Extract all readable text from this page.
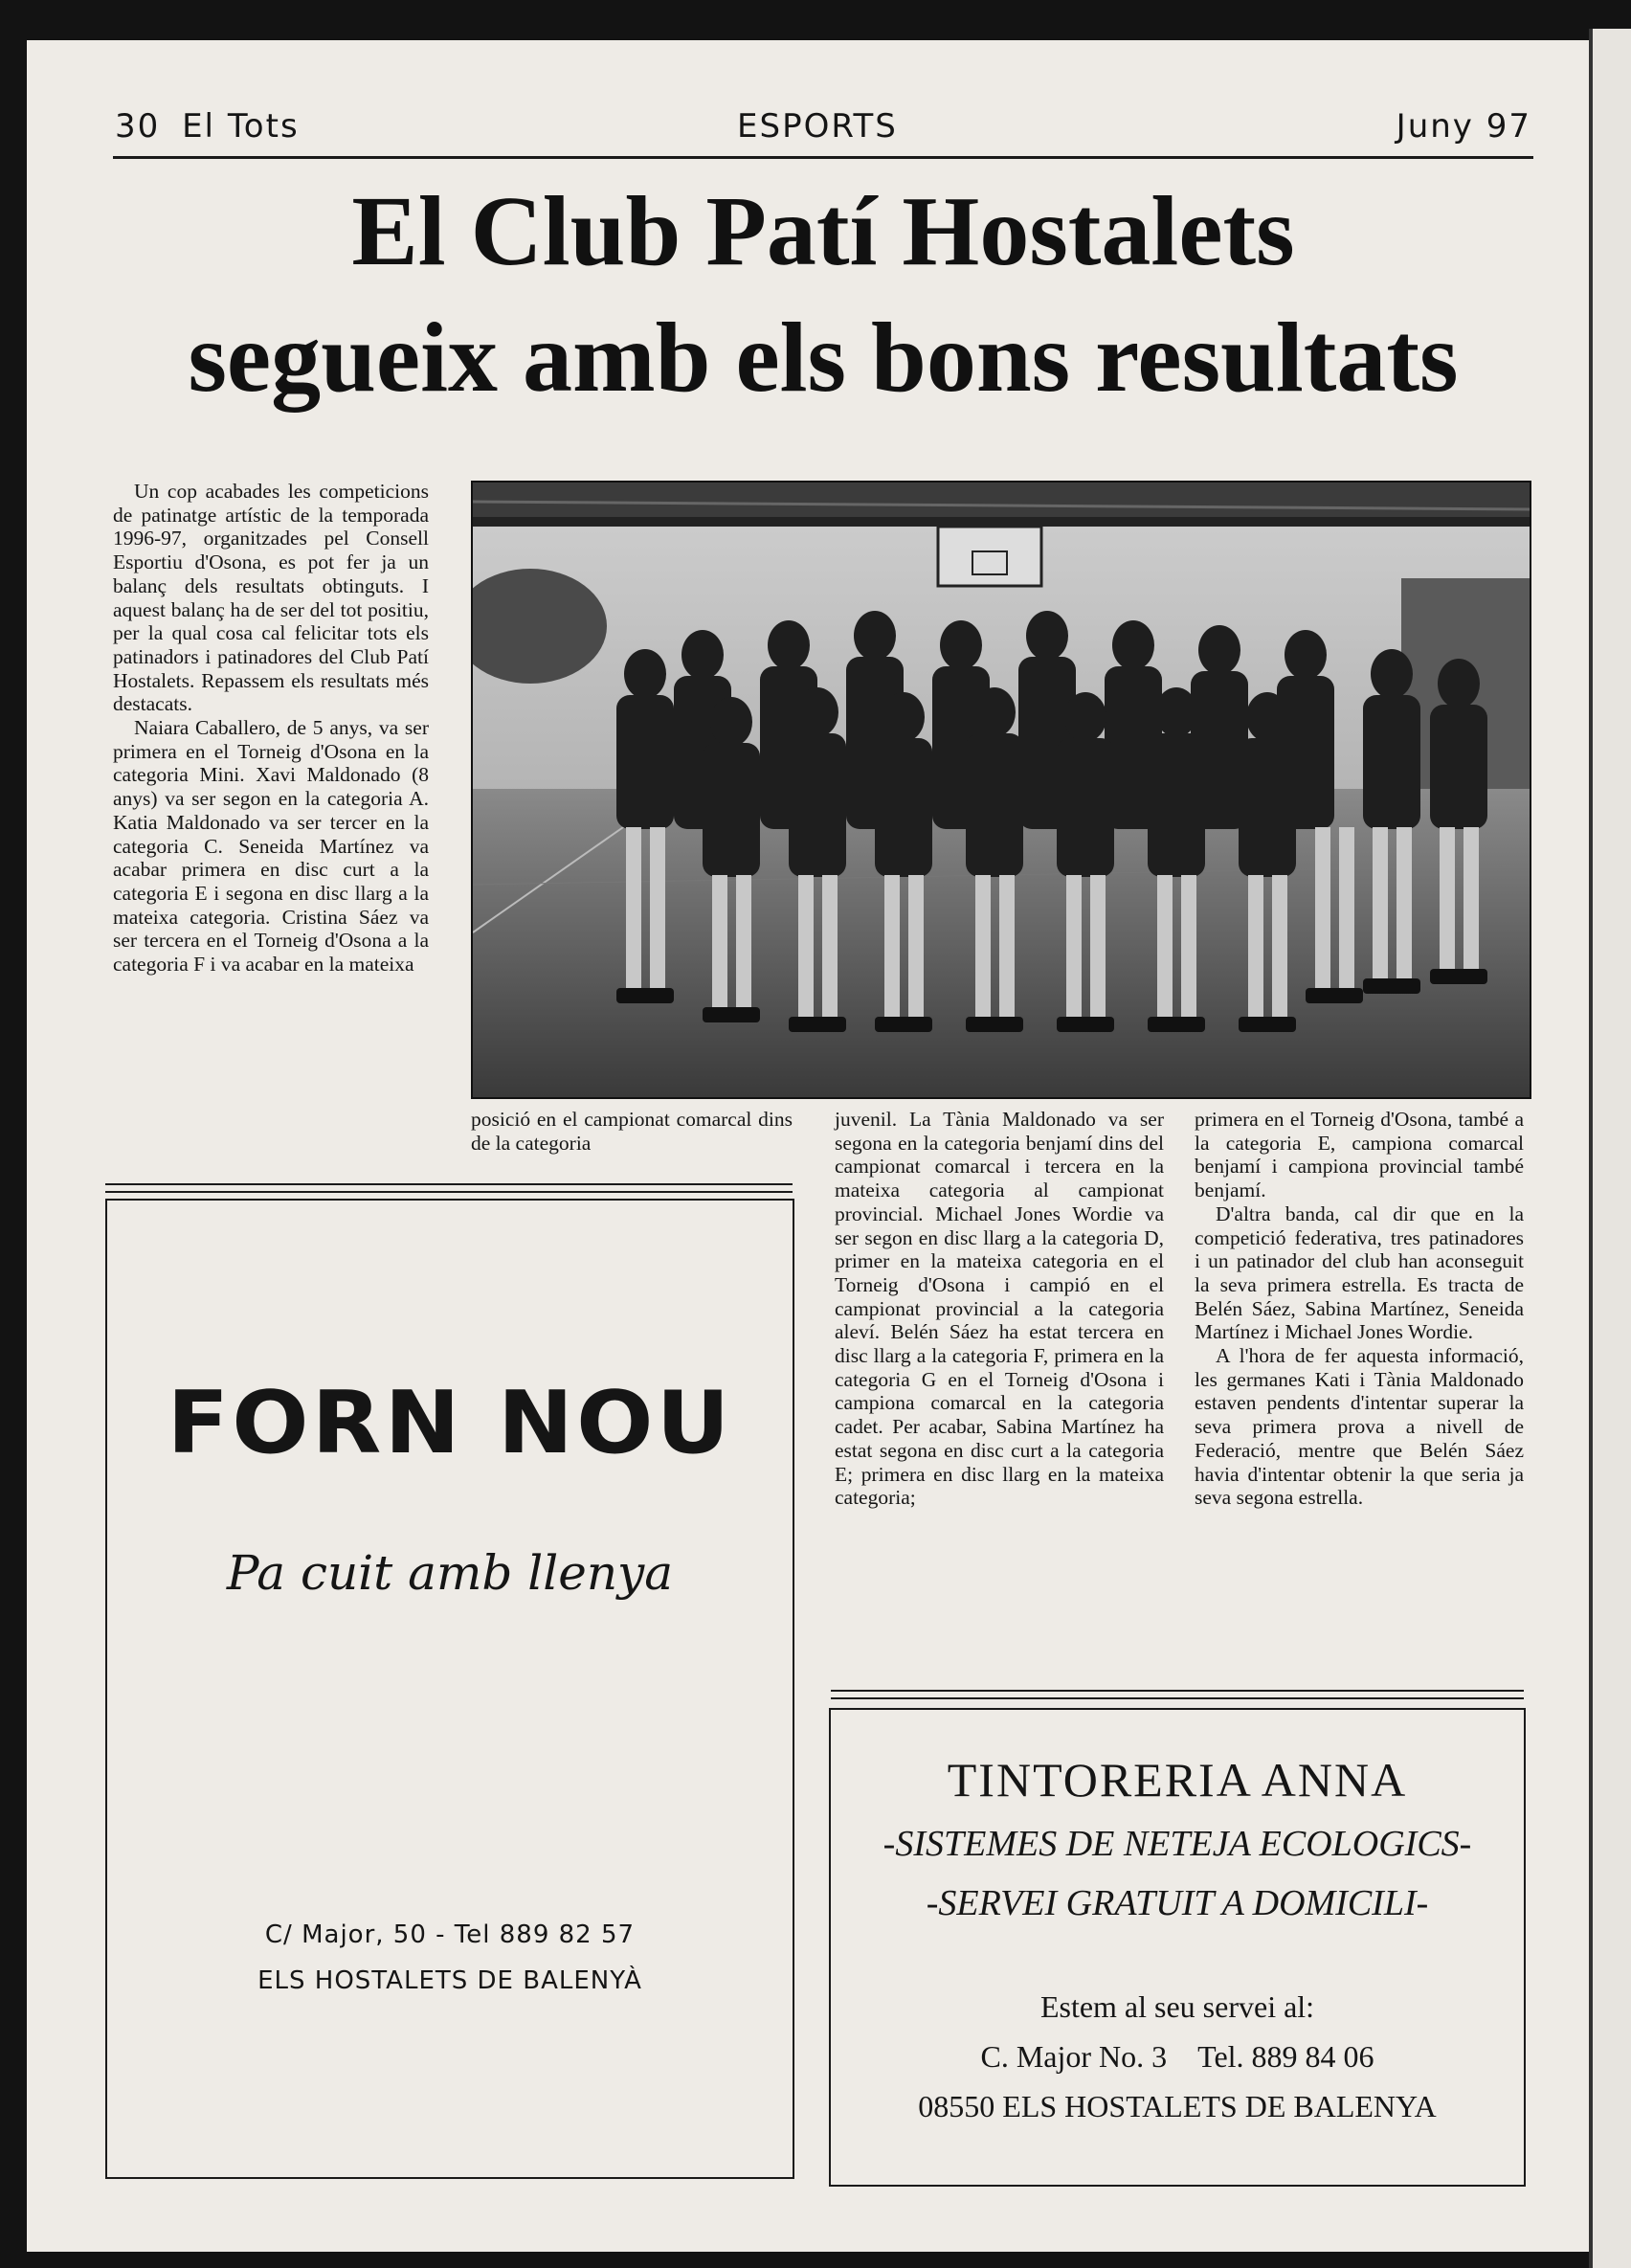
30 El Tots	ESPORTS	Juny 97
El Club Patí Hostalets
segueix amb els bons resultats

Un cop acabades les competicions de patinatge artístic de la temporada 1996-97, organitzades pel Consell Esportiu d'Osona, es pot fer ja un balanç dels resultats obtinguts. I aquest balanç ha de ser del tot positiu, per la qual cosa cal felicitar tots els patinadors i patinadores del Club Patí Hostalets. Repassem els resultats més destacats.

Naiara Caballero, de 5 anys, va ser primera en el Torneig d'Osona en la categoria Mini. Xavi Maldonado (8 anys) va ser segon en la categoria A. Katia Maldonado va ser tercer en la categoria C. Seneida Martínez va acabar primera en disc curt a la categoria E i segona en disc llarg a la mateixa categoria. Cristina Sáez va ser tercera en el Torneig d'Osona a la categoria F i va acabar en la mateixa

posició en el campionat comarcal dins de la categoria

juvenil. La Tània Maldonado va ser segona en la categoria benjamí dins del campionat comarcal i tercera en la mateixa categoria al campionat provincial. Michael Jones Wordie va ser segon en disc llarg a la categoria D, primer en la mateixa categoria en el Torneig d'Osona i campió en el campionat provincial a la categoria aleví. Belén Sáez ha estat tercera en disc llarg a la categoria F, primera en la categoria G en el Torneig d'Osona i campiona comarcal en la categoria cadet. Per acabar, Sabina Martínez ha estat segona en disc curt a la categoria E; primera en disc llarg en la mateixa categoria;

primera en el Torneig d'Osona, també a la categoria E, campiona comarcal benjamí i campiona provincial també benjamí.

D'altra banda, cal dir que en la competició federativa, tres patinadores i un patinador del club han aconseguit la seva primera estrella. Es tracta de Belén Sáez, Sabina Martínez, Seneida Martínez i Michael Jones Wordie.

A l'hora de fer aquesta informació, les germanes Kati i Tània Maldonado estaven pendents d'intentar superar la seva primera prova a nivell de Federació, mentre que Belén Sáez havia d'intentar obtenir la que seria ja seva segona estrella.

FORN NOU
Pa cuit amb llenya
C/ Major, 50 - Tel 889 82 57
ELS HOSTALETS DE BALENYÀ
TINTORERIA ANNA
-SISTEMES DE NETEJA ECOLOGICS-
-SERVEI GRATUIT A DOMICILI-
Estem al seu servei al:
C. Major No. 3 Tel. 889 84 06
08550 ELS HOSTALETS DE BALENYA
